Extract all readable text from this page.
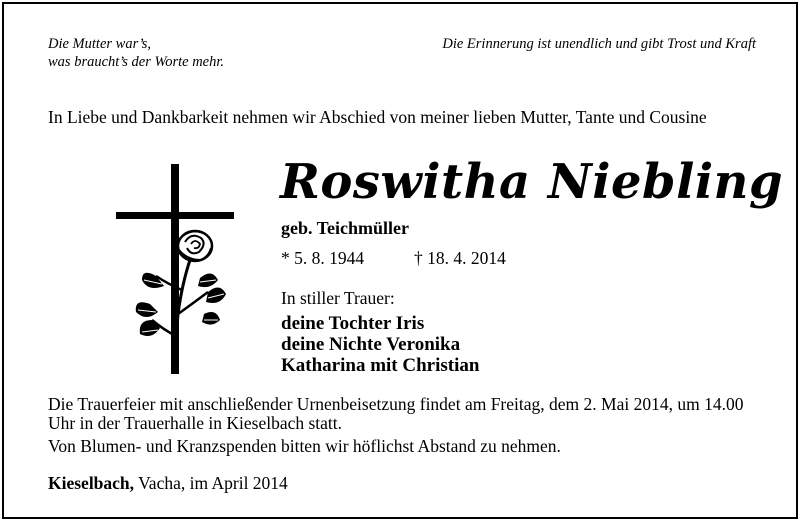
Die Mutter war’s,
was braucht’s der Worte mehr.
Die Erinnerung ist unendlich und gibt Trost und Kraft
In Liebe und Dankbarkeit nehmen wir Abschied von meiner lieben Mutter, Tante und Cousine
Roswitha Niebling
geb. Teichmüller
* 5. 8. 1944	† 18. 4. 2014
In stiller Trauer:
deine Tochter Iris
deine Nichte Veronika
Katharina mit Christian
Die Trauerfeier mit anschließender Urnenbeisetzung findet am Freitag, dem 2. Mai 2014, um 14.00 Uhr in der Trauerhalle in Kieselbach statt.
Von Blumen- und Kranzspenden bitten wir höflichst Abstand zu nehmen.
Kieselbach, Vacha, im April 2014
